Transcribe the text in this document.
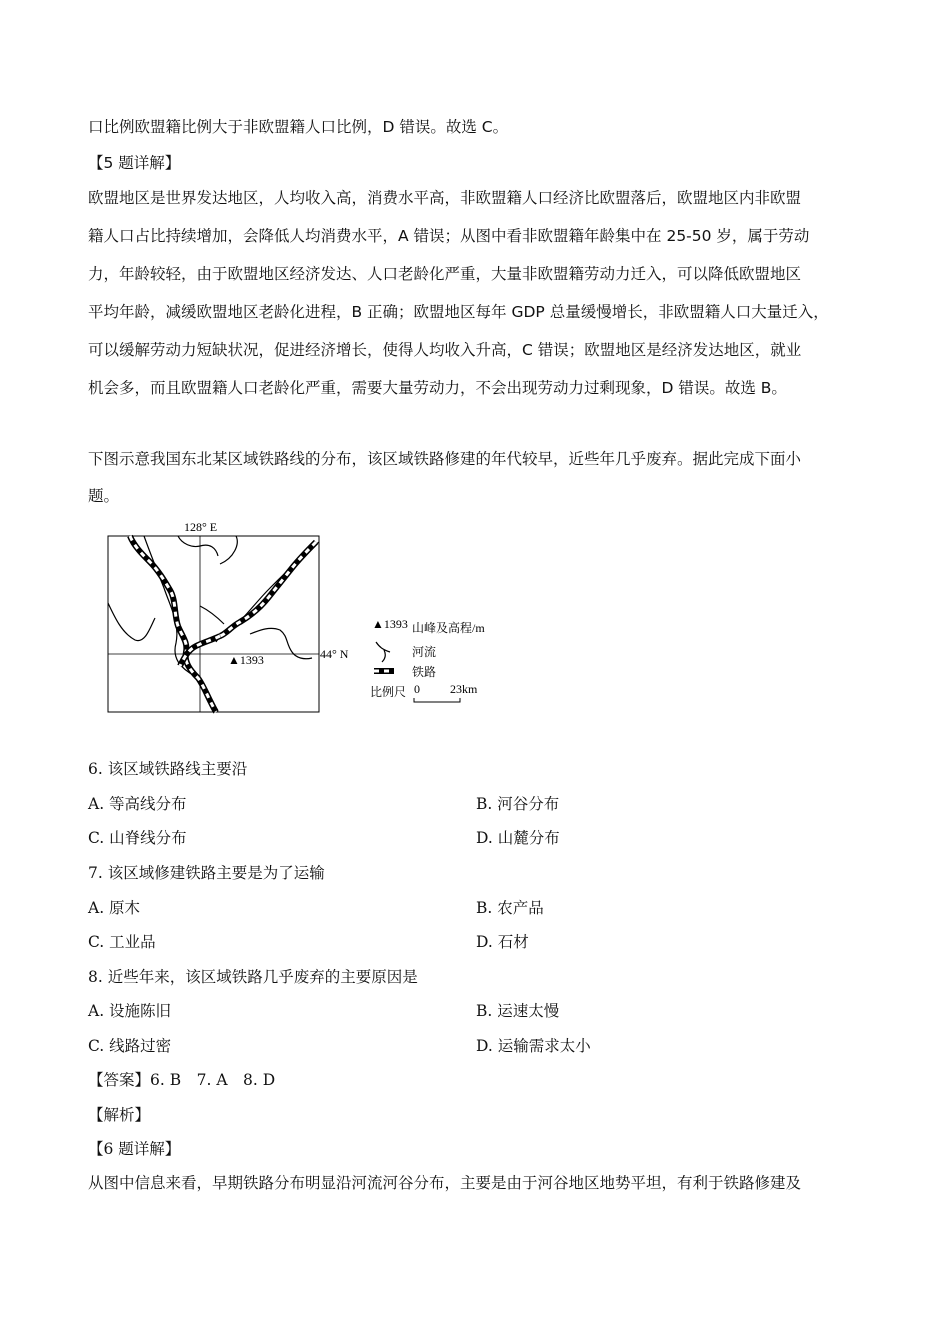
口比例欧盟籍比例大于非欧盟籍人口比例，D 错误。故选 C。
【5 题详解】
欧盟地区是世界发达地区，人均收入高，消费水平高，非欧盟籍人口经济比欧盟落后，欧盟地区内非欧盟
籍人口占比持续增加，会降低人均消费水平，A 错误；从图中看非欧盟籍年龄集中在 25-50 岁，属于劳动
力，年龄较轻，由于欧盟地区经济发达、人口老龄化严重，大量非欧盟籍劳动力迁入，可以降低欧盟地区
平均年龄，减缓欧盟地区老龄化进程，B 正确；欧盟地区每年 GDP 总量缓慢增长，非欧盟籍人口大量迁入，
可以缓解劳动力短缺状况，促进经济增长，使得人均收入升高，C 错误；欧盟地区是经济发达地区，就业
机会多，而且欧盟籍人口老龄化严重，需要大量劳动力，不会出现劳动力过剩现象，D 错误。故选 B。
下图示意我国东北某区域铁路线的分布，该区域铁路修建的年代较早，近些年几乎废弃。据此完成下面小
题。
128° E
44° N
▲1393
▲1393 山峰及高程/m
河流
铁路
比例尺 0	23km
6. 该区域铁路线主要沿
A. 等高线分布	B. 河谷分布
C. 山脊线分布	D. 山麓分布
7. 该区域修建铁路主要是为了运输
A. 原木	B. 农产品
C. 工业品	D. 石材
8. 近些年来，该区域铁路几乎废弃的主要原因是
A. 设施陈旧	B. 运速太慢
C. 线路过密	D. 运输需求太小
【答案】6. B　7. A　8. D
【解析】
【6 题详解】
从图中信息来看，早期铁路分布明显沿河流河谷分布，主要是由于河谷地区地势平坦，有利于铁路修建及
